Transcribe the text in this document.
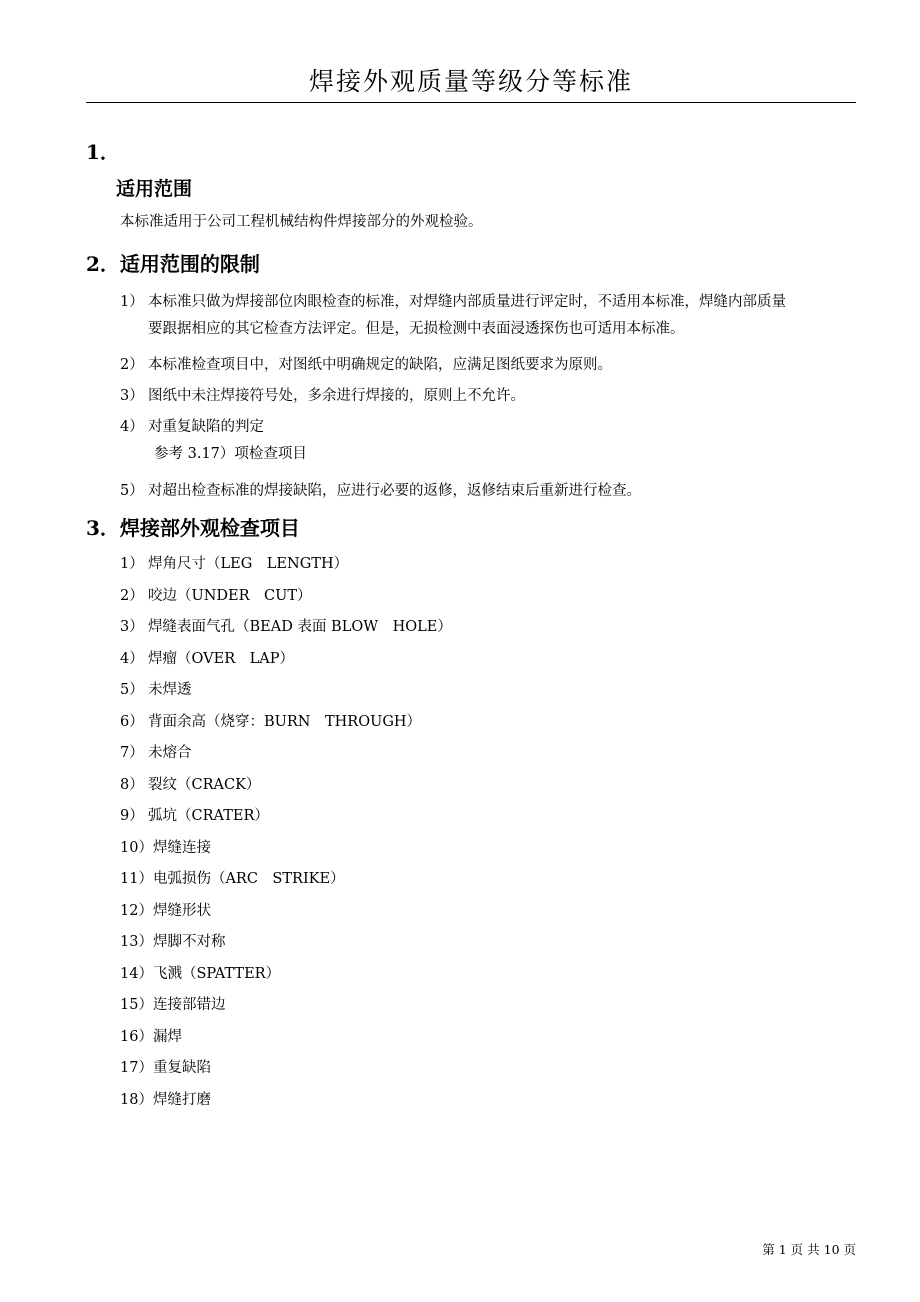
焊接外观质量等级分等标准
1．
适用范围
本标准适用于公司工程机械结构件焊接部分的外观检验。
2．适用范围的限制
1） 本标准只做为焊接部位肉眼检查的标准，对焊缝内部质量进行评定时，不适用本标准，焊缝内部质量
要跟据相应的其它检查方法评定。但是，无损检测中表面浸透探伤也可适用本标准。
2） 本标准检查项目中，对图纸中明确规定的缺陷，应满足图纸要求为原则。
3） 图纸中未注焊接符号处，多余进行焊接的，原则上不允许。
4） 对重复缺陷的判定
参考 3.17）项检查项目
5） 对超出检查标准的焊接缺陷，应进行必要的返修，返修结束后重新进行检查。
3．焊接部外观检查项目
1） 焊角尺寸（LEG　LENGTH）
2） 咬边（UNDER　CUT）
3） 焊缝表面气孔（BEAD 表面 BLOW　HOLE）
4） 焊瘤（OVER　LAP）
5） 未焊透
6） 背面余高（烧穿：BURN　THROUGH）
7） 未熔合
8） 裂纹（CRACK）
9） 弧坑（CRATER）
10）焊缝连接
11）电弧损伤（ARC　STRIKE）
12）焊缝形状
13）焊脚不对称
14）飞溅（SPATTER）
15）连接部错边
16）漏焊
17）重复缺陷
18）焊缝打磨
第 1 页 共 10 页
